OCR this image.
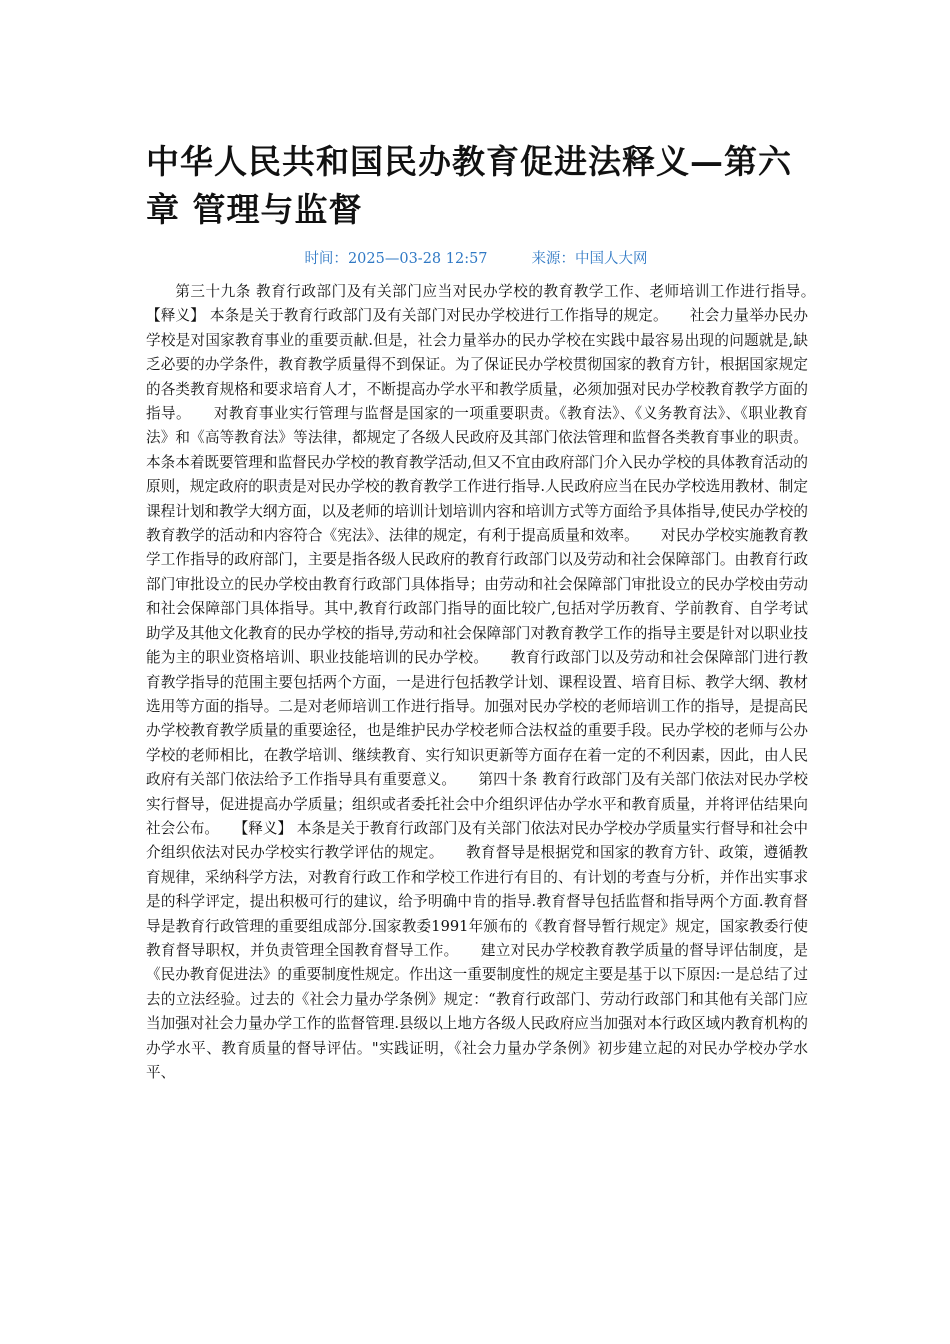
中华人民共和国民办教育促进法释义—第六章 管理与监督
时间：2025—03-28 12:57	来源：中国人大网

第三十九条 教育行政部门及有关部门应当对民办学校的教育教学工作、老师培训工作进行指导。　　【释义】 本条是关于教育行政部门及有关部门对民办学校进行工作指导的规定。　　社会力量举办民办学校是对国家教育事业的重要贡献.但是，社会力量举办的民办学校在实践中最容易出现的问题就是,缺乏必要的办学条件，教育教学质量得不到保证。为了保证民办学校贯彻国家的教育方针，根据国家规定的各类教育规格和要求培育人才，不断提高办学水平和教学质量，必须加强对民办学校教育教学方面的指导。　　对教育事业实行管理与监督是国家的一项重要职责。《教育法》、《义务教育法》、《职业教育法》和《高等教育法》等法律，都规定了各级人民政府及其部门依法管理和监督各类教育事业的职责。本条本着既要管理和监督民办学校的教育教学活动,但又不宜由政府部门介入民办学校的具体教育活动的原则，规定政府的职责是对民办学校的教育教学工作进行指导.人民政府应当在民办学校选用教材、制定课程计划和教学大纲方面，以及老师的培训计划培训内容和培训方式等方面给予具体指导,使民办学校的教育教学的活动和内容符合《宪法》、法律的规定，有利于提高质量和效率。　　对民办学校实施教育教学工作指导的政府部门，主要是指各级人民政府的教育行政部门以及劳动和社会保障部门。由教育行政部门审批设立的民办学校由教育行政部门具体指导；由劳动和社会保障部门审批设立的民办学校由劳动和社会保障部门具体指导。其中,教育行政部门指导的面比较广,包括对学历教育、学前教育、自学考试助学及其他文化教育的民办学校的指导,劳动和社会保障部门对教育教学工作的指导主要是针对以职业技能为主的职业资格培训、职业技能培训的民办学校。　　教育行政部门以及劳动和社会保障部门进行教育教学指导的范围主要包括两个方面，一是进行包括教学计划、课程设置、培育目标、教学大纲、教材选用等方面的指导。二是对老师培训工作进行指导。加强对民办学校的老师培训工作的指导，是提高民办学校教育教学质量的重要途径，也是维护民办学校老师合法权益的重要手段。民办学校的老师与公办学校的老师相比，在教学培训、继续教育、实行知识更新等方面存在着一定的不利因素，因此，由人民政府有关部门依法给予工作指导具有重要意义。　　第四十条 教育行政部门及有关部门依法对民办学校实行督导，促进提高办学质量；组织或者委托社会中介组织评估办学水平和教育质量，并将评估结果向社会公布。　　【释义】 本条是关于教育行政部门及有关部门依法对民办学校办学质量实行督导和社会中介组织依法对民办学校实行教学评估的规定。　　教育督导是根据党和国家的教育方针、政策，遵循教育规律，采纳科学方法，对教育行政工作和学校工作进行有目的、有计划的考查与分析，并作出实事求是的科学评定，提出积极可行的建议，给予明确中肯的指导.教育督导包括监督和指导两个方面.教育督导是教育行政管理的重要组成部分.国家教委1991年颁布的《教育督导暂行规定》规定，国家教委行使教育督导职权，并负责管理全国教育督导工作。　　建立对民办学校教育教学质量的督导评估制度，是《民办教育促进法》的重要制度性规定。作出这一重要制度性的规定主要是基于以下原因:一是总结了过去的立法经验。过去的《社会力量办学条例》规定：“教育行政部门、劳动行政部门和其他有关部门应当加强对社会力量办学工作的监督管理.县级以上地方各级人民政府应当加强对本行政区域内教育机构的办学水平、教育质量的督导评估。"实践证明，《社会力量办学条例》初步建立起的对民办学校办学水平、
